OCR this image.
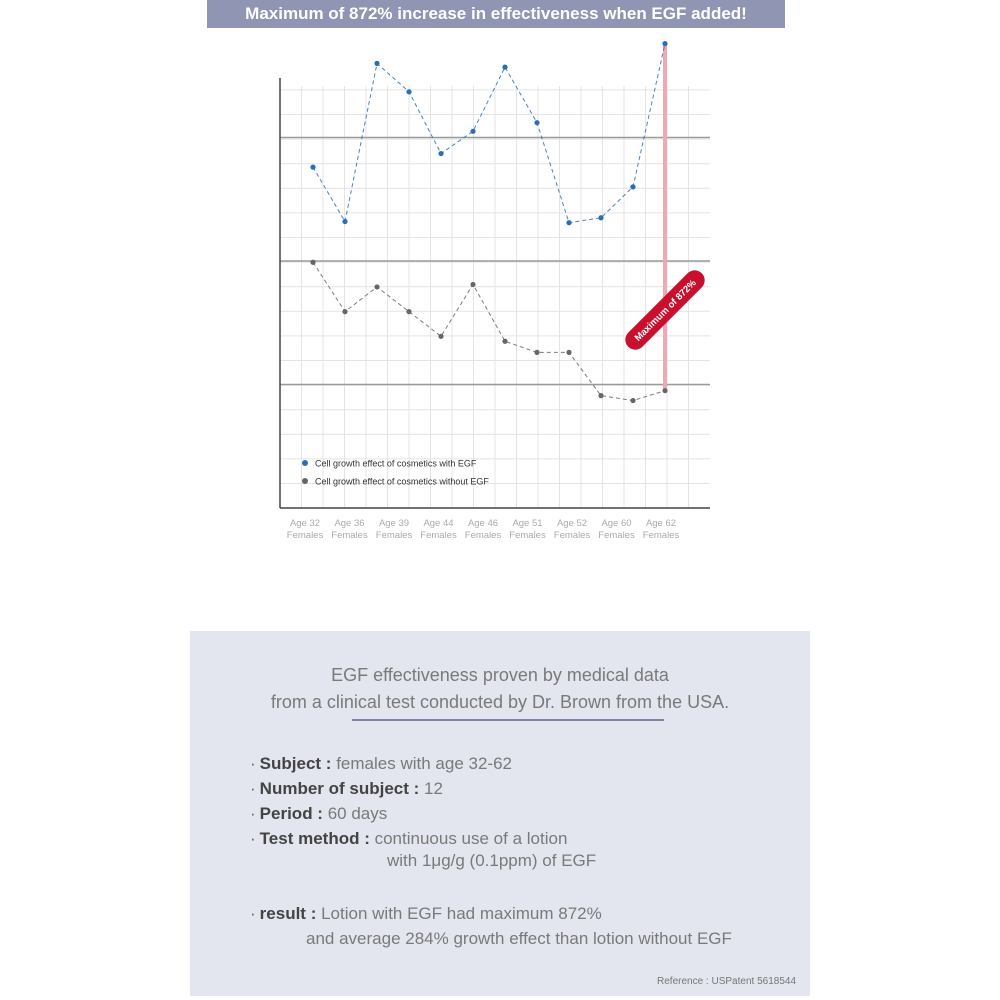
Maximum of 872% increase in effectiveness when EGF added!
Cell growth effect of cosmetics with EGF
Cell growth effect of cosmetics without EGF
Age 32
Females
Age 36
Females
Age 39
Females
Age 44
Females
Age 46
Females
Age 51
Females
Age 52
Females
Age 60
Females
Age 62
Females
Maximum of 872%
EGF effectiveness proven by medical data
from a clinical test conducted by Dr. Brown from the USA.
· Subject : females with age 32-62
· Number of subject : 12
· Period : 60 days
· Test method : continuous use of a lotion
with 1μg/g (0.1ppm) of EGF
· result : Lotion with EGF had maximum 872%
and average 284% growth effect than lotion without EGF
Reference : USPatent 5618544
